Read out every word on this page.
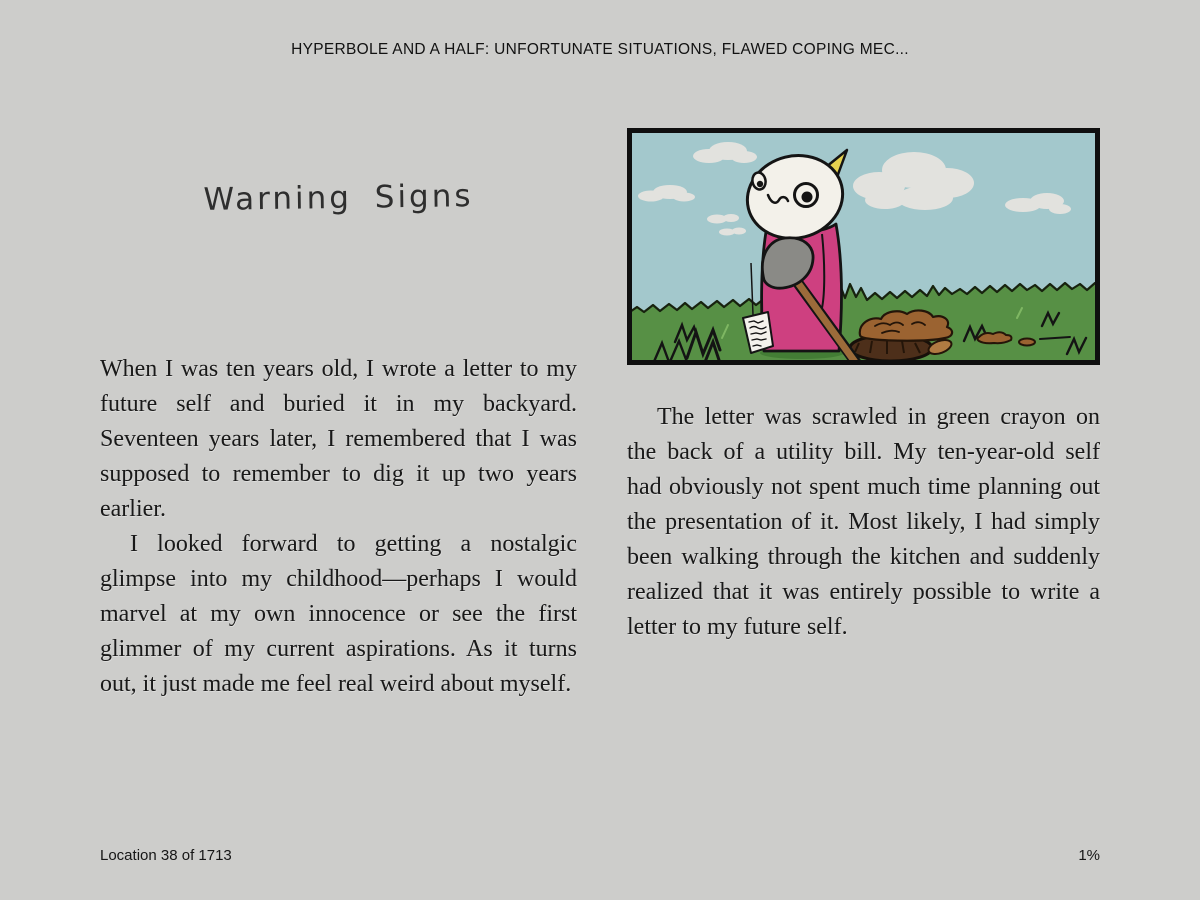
HYPERBOLE AND A HALF: UNFORTUNATE SITUATIONS, FLAWED COPING MEC...
Warning Signs

When I was ten years old, I wrote a letter to my future self and buried it in my backyard. Seventeen years later, I remembered that I was supposed to remember to dig it up two years earlier.

I looked forward to getting a nostalgic glimpse into my childhood—perhaps I would marvel at my own innocence or see the first glimmer of my current aspirations. As it turns out, it just made me feel real weird about myself.

The letter was scrawled in green crayon on the back of a utility bill. My ten-year-old self had obviously not spent much time planning out the presentation of it. Most likely, I had simply been walking through the kitchen and suddenly realized that it was entirely possible to write a letter to my future self.

Location 38 of 1713	1%
